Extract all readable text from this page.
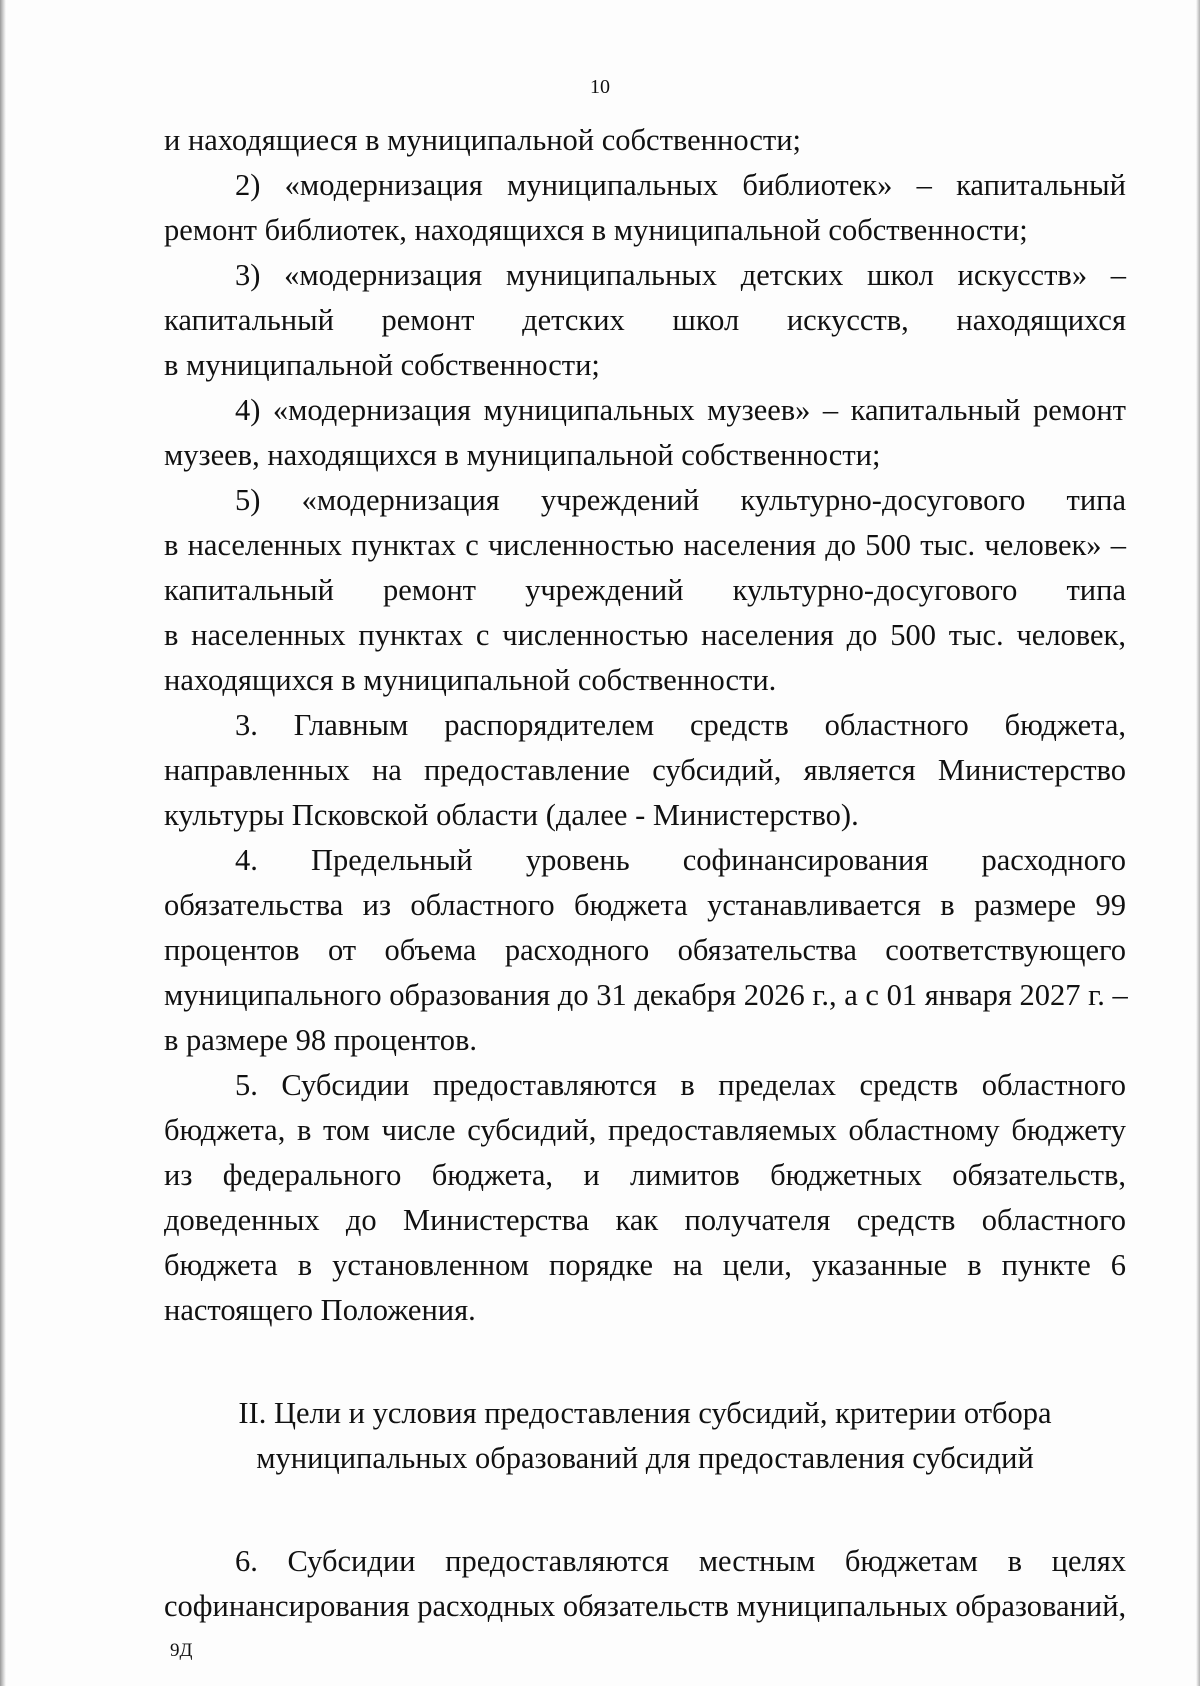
10
и находящиеся в муниципальной собственности;
2) «модернизация муниципальных библиотек» – капитальный
ремонт библиотек, находящихся в муниципальной собственности;
3) «модернизация муниципальных детских школ искусств» –
капитальный ремонт детских школ искусств, находящихся
в муниципальной собственности;
4) «модернизация муниципальных музеев» – капитальный ремонт
музеев, находящихся в муниципальной собственности;
5) «модернизация учреждений культурно-досугового типа
в населенных пунктах с численностью населения до 500 тыс. человек» –
капитальный ремонт учреждений культурно-досугового типа
в населенных пунктах с численностью населения до 500 тыс. человек,
находящихся в муниципальной собственности.
3. Главным распорядителем средств областного бюджета,
направленных на предоставление субсидий, является Министерство
культуры Псковской области (далее - Министерство).
4. Предельный уровень софинансирования расходного
обязательства из областного бюджета устанавливается в размере 99
процентов от объема расходного обязательства соответствующего
муниципального образования до 31 декабря 2026 г., а с 01 января 2027 г. –
в размере 98 процентов.
5. Субсидии предоставляются в пределах средств областного
бюджета, в том числе субсидий, предоставляемых областному бюджету
из федерального бюджета, и лимитов бюджетных обязательств,
доведенных до Министерства как получателя средств областного
бюджета в установленном порядке на цели, указанные в пункте 6
настоящего Положения.
II. Цели и условия предоставления субсидий, критерии отбора
муниципальных образований для предоставления субсидий
6. Субсидии предоставляются местным бюджетам в целях
софинансирования расходных обязательств муниципальных образований,
9Д
